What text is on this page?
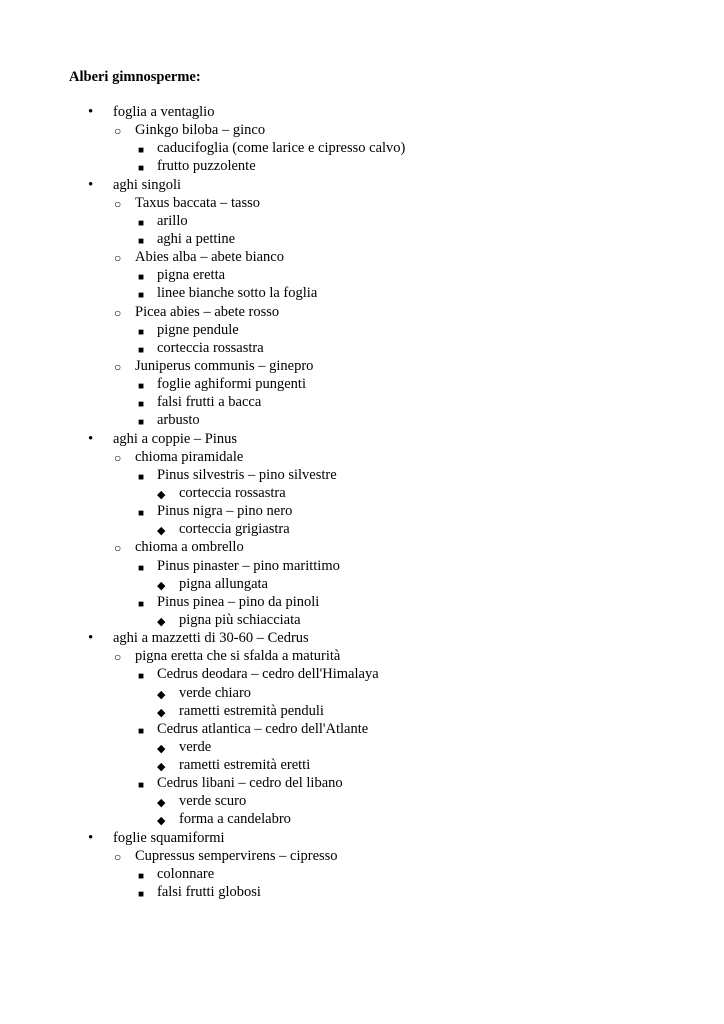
Alberi gimnosperme:
• foglia a ventaglio
○ Ginkgo biloba – ginco
■ caducifoglia (come larice e cipresso calvo)
■ frutto puzzolente
• aghi singoli
○ Taxus baccata – tasso
■ arillo
■ aghi a pettine
○ Abies alba – abete bianco
■ pigna eretta
■ linee bianche sotto la foglia
○ Picea abies – abete rosso
■ pigne pendule
■ corteccia rossastra
○ Juniperus communis – ginepro
■ foglie aghiformi pungenti
■ falsi frutti a bacca
■ arbusto
• aghi a coppie – Pinus
○ chioma piramidale
■ Pinus silvestris – pino silvestre
◆ corteccia rossastra
■ Pinus nigra – pino nero
◆ corteccia grigiastra
○ chioma a ombrello
■ Pinus pinaster – pino marittimo
◆ pigna allungata
■ Pinus pinea – pino da pinoli
◆ pigna più schiacciata
• aghi a mazzetti di 30-60 – Cedrus
○ pigna eretta che si sfalda a maturità
■ Cedrus deodara – cedro dell'Himalaya
◆ verde chiaro
◆ rametti estremità penduli
■ Cedrus atlantica – cedro dell'Atlante
◆ verde
◆ rametti estremità eretti
■ Cedrus libani – cedro del libano
◆ verde scuro
◆ forma a candelabro
• foglie squamiformi
○ Cupressus sempervirens – cipresso
■ colonnare
■ falsi frutti globosi
